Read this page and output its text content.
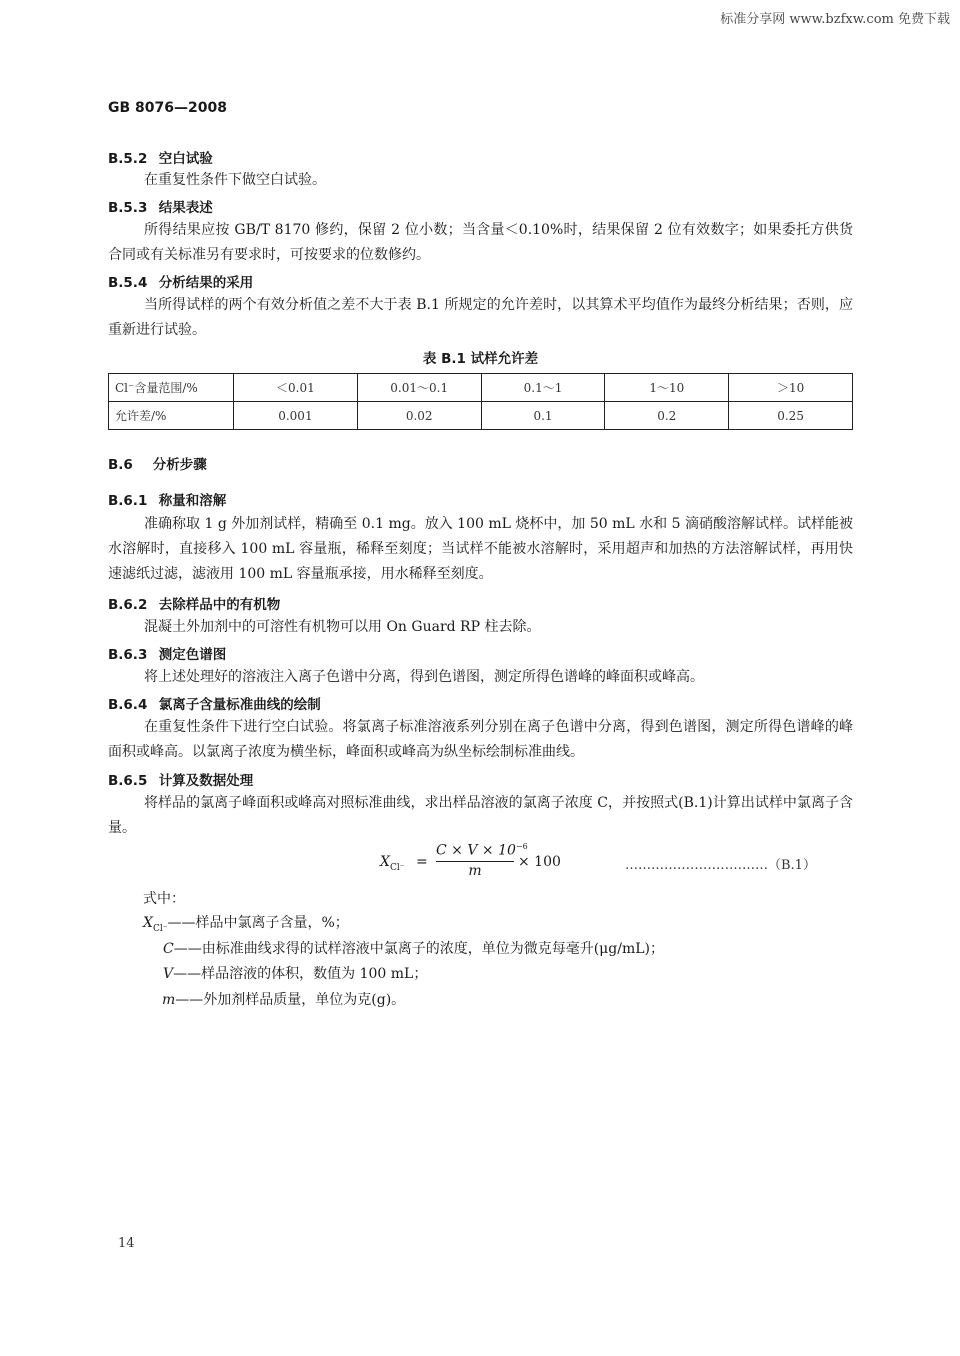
标准分享网 www.bzfxw.com 免费下载
GB 8076—2008
B.5.2 空白试验
在重复性条件下做空白试验。
B.5.3 结果表述
所得结果应按 GB/T 8170 修约，保留 2 位小数；当含量＜0.10%时，结果保留 2 位有效数字；如果委托方供货合同或有关标准另有要求时，可按要求的位数修约。
B.5.4 分析结果的采用
当所得试样的两个有效分析值之差不大于表 B.1 所规定的允许差时，以其算术平均值作为最终分析结果；否则，应重新进行试验。
表 B.1 试样允许差
Cl⁻含量范围/%	＜0.01	0.01～0.1	0.1～1	1～10	＞10
允许差/%	0.001	0.02	0.1	0.2	0.25
B.6 分析步骤
B.6.1 称量和溶解
准确称取 1 g 外加剂试样，精确至 0.1 mg。放入 100 mL 烧杯中，加 50 mL 水和 5 滴硝酸溶解试样。试样能被水溶解时，直接移入 100 mL 容量瓶，稀释至刻度；当试样不能被水溶解时，采用超声和加热的方法溶解试样，再用快速滤纸过滤，滤液用 100 mL 容量瓶承接，用水稀释至刻度。
B.6.2 去除样品中的有机物
混凝土外加剂中的可溶性有机物可以用 On Guard RP 柱去除。
B.6.3 测定色谱图
将上述处理好的溶液注入离子色谱中分离，得到色谱图，测定所得色谱峰的峰面积或峰高。
B.6.4 氯离子含量标准曲线的绘制
在重复性条件下进行空白试验。将氯离子标准溶液系列分别在离子色谱中分离，得到色谱图，测定所得色谱峰的峰面积或峰高。以氯离子浓度为横坐标，峰面积或峰高为纵坐标绘制标准曲线。
B.6.5 计算及数据处理
将样品的氯离子峰面积或峰高对照标准曲线，求出样品溶液的氯离子浓度 C，并按照式(B.1)计算出试样中氯离子含量。
$X_{Cl^-} = \frac{C \times V \times 10^{-6}}{m} \times 100$	……………………………（B.1）
式中：
$X_{Cl^-}——$样品中氯离子含量，%；
C——由标准曲线求得的试样溶液中氯离子的浓度，单位为微克每毫升(μg/mL)；
V——样品溶液的体积，数值为 100 mL；
m——外加剂样品质量，单位为克(g)。
14
